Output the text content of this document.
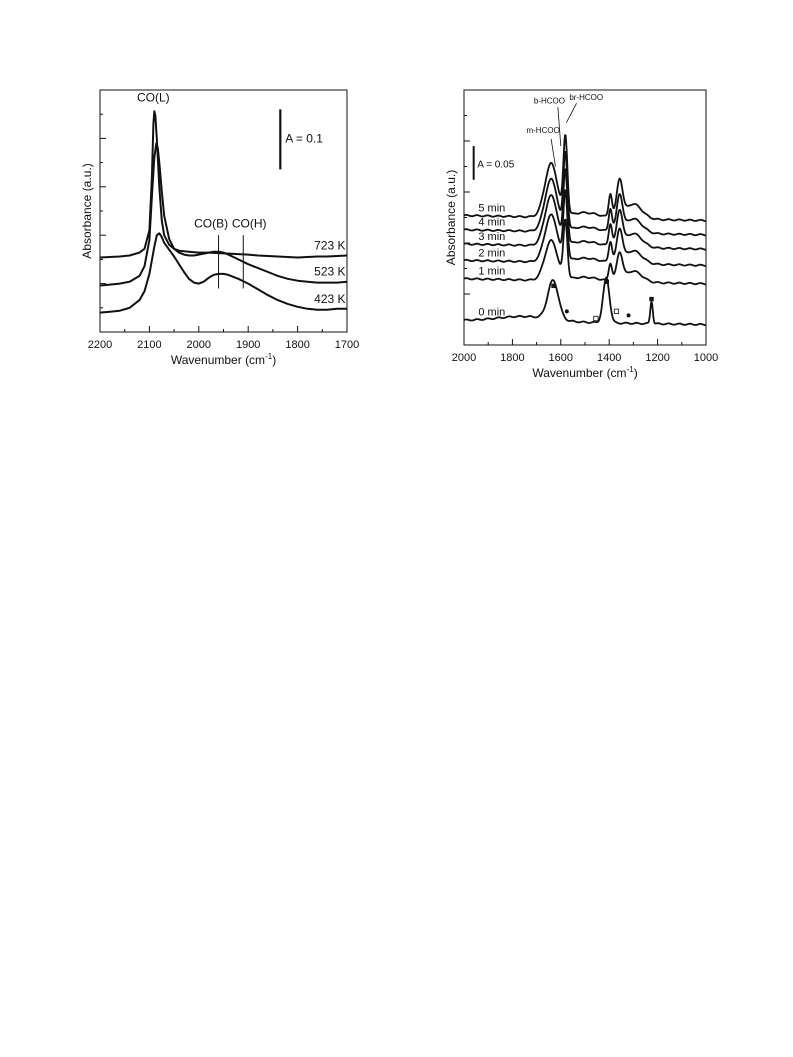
2200 2100 2000 1900 1800 1700
Wavenumber $(cm^{-1})$
Absorbance (a.u.)
A = 0.1
723 K
523 K
423 K
CO(L)
CO(B) CO(H)
2000 1800 1600 1400 1200 1000
Wavenumber $(cm^{-1})$
Absorbance (a.u.)
A = 0.05
0 min
1 min
2 min
3 min
4 min
5 min
m-HCOO
b-HCOO br-HCOO
